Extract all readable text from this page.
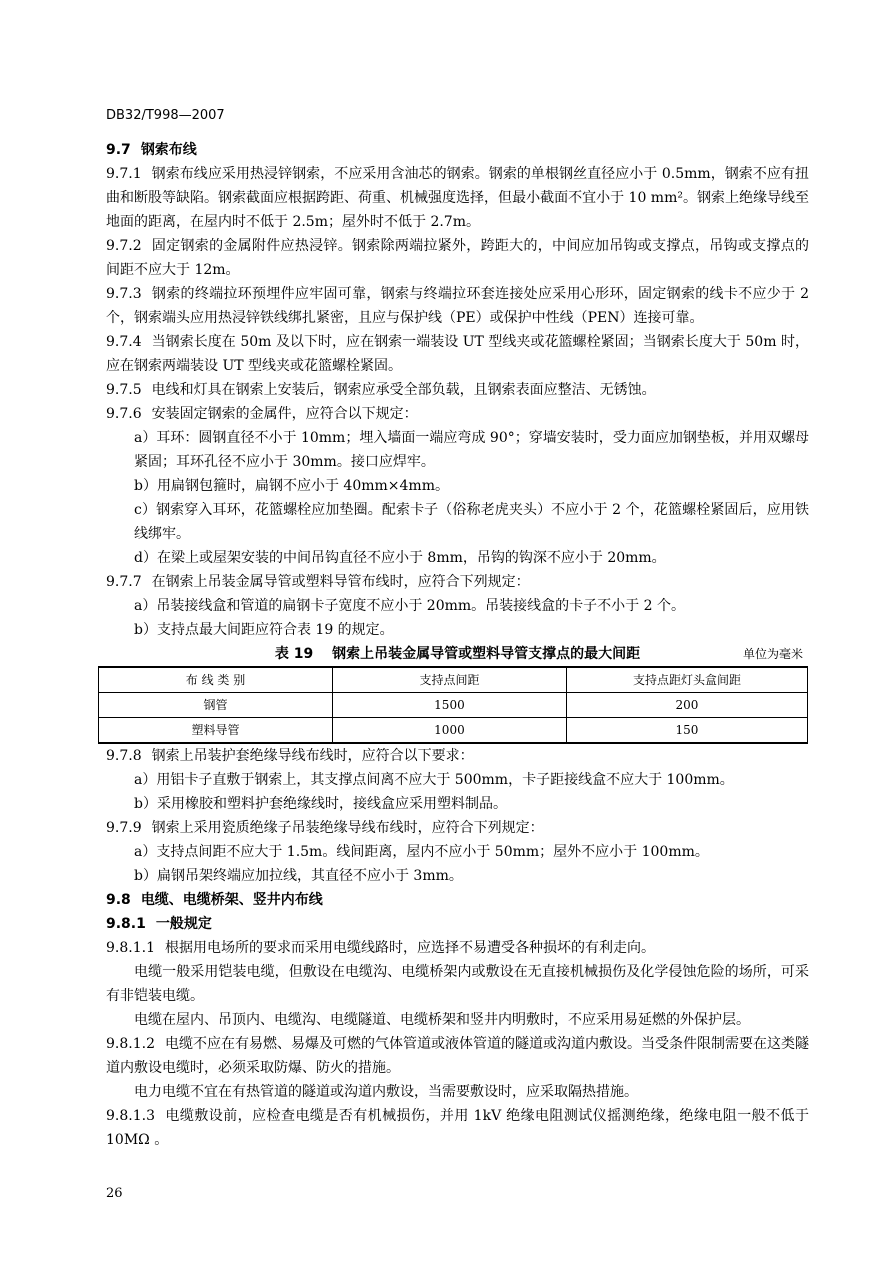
DB32/T998—2007

9.7 钢索布线

9.7.1 钢索布线应采用热浸锌钢索，不应采用含油芯的钢索。钢索的单根钢丝直径应小于 0.5mm，钢索不应有扭曲和断股等缺陷。钢索截面应根据跨距、荷重、机械强度选择，但最小截面不宜小于 10 mm²。钢索上绝缘导线至地面的距离，在屋内时不低于 2.5m；屋外时不低于 2.7m。

9.7.2 固定钢索的金属附件应热浸锌。钢索除两端拉紧外，跨距大的，中间应加吊钩或支撑点，吊钩或支撑点的间距不应大于 12m。

9.7.3 钢索的终端拉环预埋件应牢固可靠，钢索与终端拉环套连接处应采用心形环，固定钢索的线卡不应少于 2 个，钢索端头应用热浸锌铁线绑扎紧密，且应与保护线（PE）或保护中性线（PEN）连接可靠。

9.7.4 当钢索长度在 50m 及以下时，应在钢索一端装设 UT 型线夹或花篮螺栓紧固；当钢索长度大于 50m 时，应在钢索两端装设 UT 型线夹或花篮螺栓紧固。

9.7.5 电线和灯具在钢索上安装后，钢索应承受全部负载，且钢索表面应整洁、无锈蚀。

9.7.6 安装固定钢索的金属件，应符合以下规定：

a）耳环：圆钢直径不小于 10mm；埋入墙面一端应弯成 90°；穿墙安装时，受力面应加钢垫板，并用双螺母紧固；耳环孔径不应小于 30mm。接口应焊牢。

b）用扁钢包箍时，扁钢不应小于 40mm×4mm。

c）钢索穿入耳环，花篮螺栓应加垫圈。配索卡子（俗称老虎夹头）不应小于 2 个，花篮螺栓紧固后，应用铁线绑牢。

d）在梁上或屋架安装的中间吊钩直径不应小于 8mm，吊钩的钩深不应小于 20mm。

9.7.7 在钢索上吊装金属导管或塑料导管布线时，应符合下列规定：

a）吊装接线盒和管道的扁钢卡子宽度不应小于 20mm。吊装接线盒的卡子不小于 2 个。

b）支持点最大间距应符合表 19 的规定。

表 19　 钢索上吊装金属导管或塑料导管支撑点的最大间距	单位为毫米
布 线 类 别	支持点间距	支持点距灯头盒间距
钢管	1500	200
塑料导管	1000	150

9.7.8 钢索上吊装护套绝缘导线布线时，应符合以下要求：

a）用铝卡子直敷于钢索上，其支撑点间离不应大于 500mm，卡子距接线盒不应大于 100mm。

b）采用橡胶和塑料护套绝缘线时，接线盒应采用塑料制品。

9.7.9 钢索上采用瓷质绝缘子吊装绝缘导线布线时，应符合下列规定：

a）支持点间距不应大于 1.5m。线间距离，屋内不应小于 50mm；屋外不应小于 100mm。

b）扁钢吊架终端应加拉线，其直径不应小于 3mm。

9.8 电缆、电缆桥架、竖井内布线

9.8.1 一般规定

9.8.1.1 根据用电场所的要求而采用电缆线路时，应选择不易遭受各种损坏的有利走向。

电缆一般采用铠装电缆，但敷设在电缆沟、电缆桥架内或敷设在无直接机械损伤及化学侵蚀危险的场所，可采有非铠装电缆。

电缆在屋内、吊顶内、电缆沟、电缆隧道、电缆桥架和竖井内明敷时，不应采用易延燃的外保护层。

9.8.1.2 电缆不应在有易燃、易爆及可燃的气体管道或液体管道的隧道或沟道内敷设。当受条件限制需要在这类隧道内敷设电缆时，必须采取防爆、防火的措施。

电力电缆不宜在有热管道的隧道或沟道内敷设，当需要敷设时，应采取隔热措施。

9.8.1.3 电缆敷设前，应检查电缆是否有机械损伤，并用 1kV 绝缘电阻测试仪摇测绝缘，绝缘电阻一般不低于 10MΩ 。

26
